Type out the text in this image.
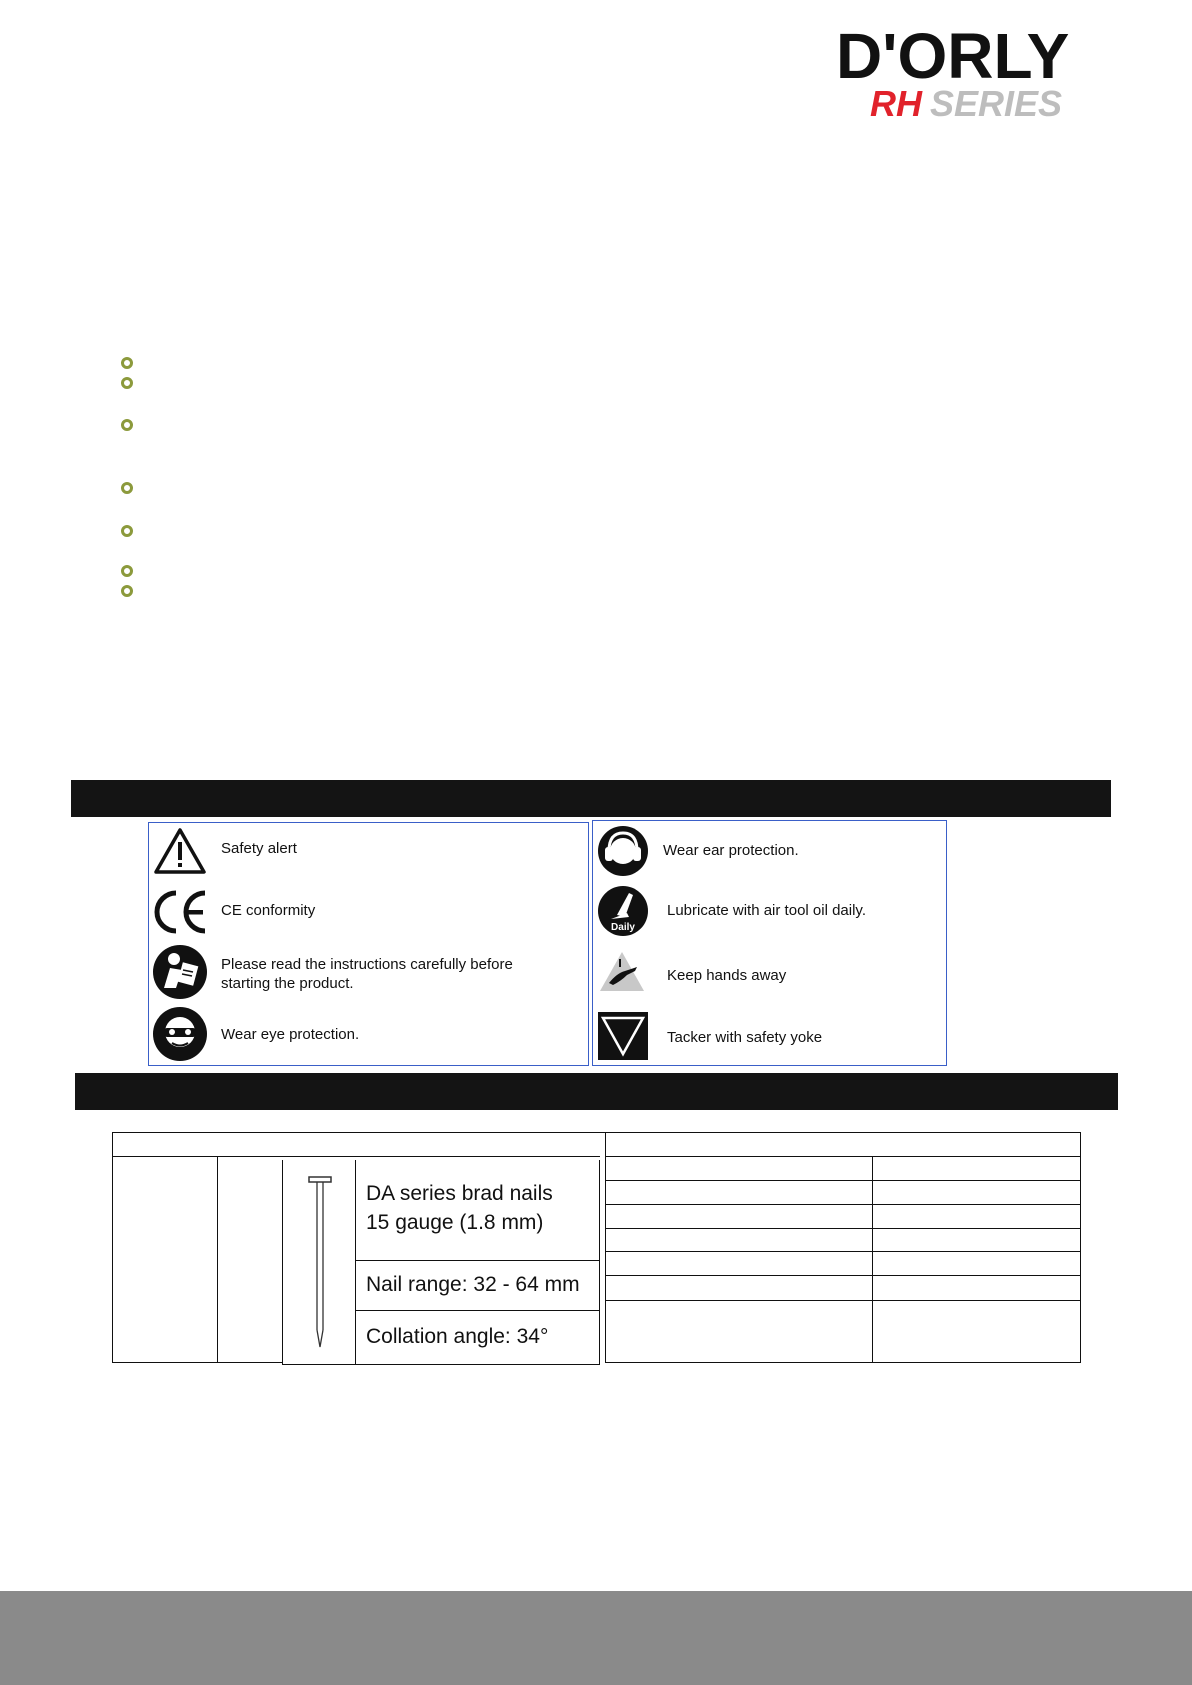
D'ORLY
RH SERIES
Safety alert
CE conformity
Please read the instructions carefully before
starting the product.
Wear eye protection.
Wear ear protection.
Daily
Lubricate with air tool oil daily.
Keep hands away
Tacker with safety yoke
DA series brad nails
15 gauge (1.8 mm)
Nail range: 32 - 64 mm
Collation angle: 34°
